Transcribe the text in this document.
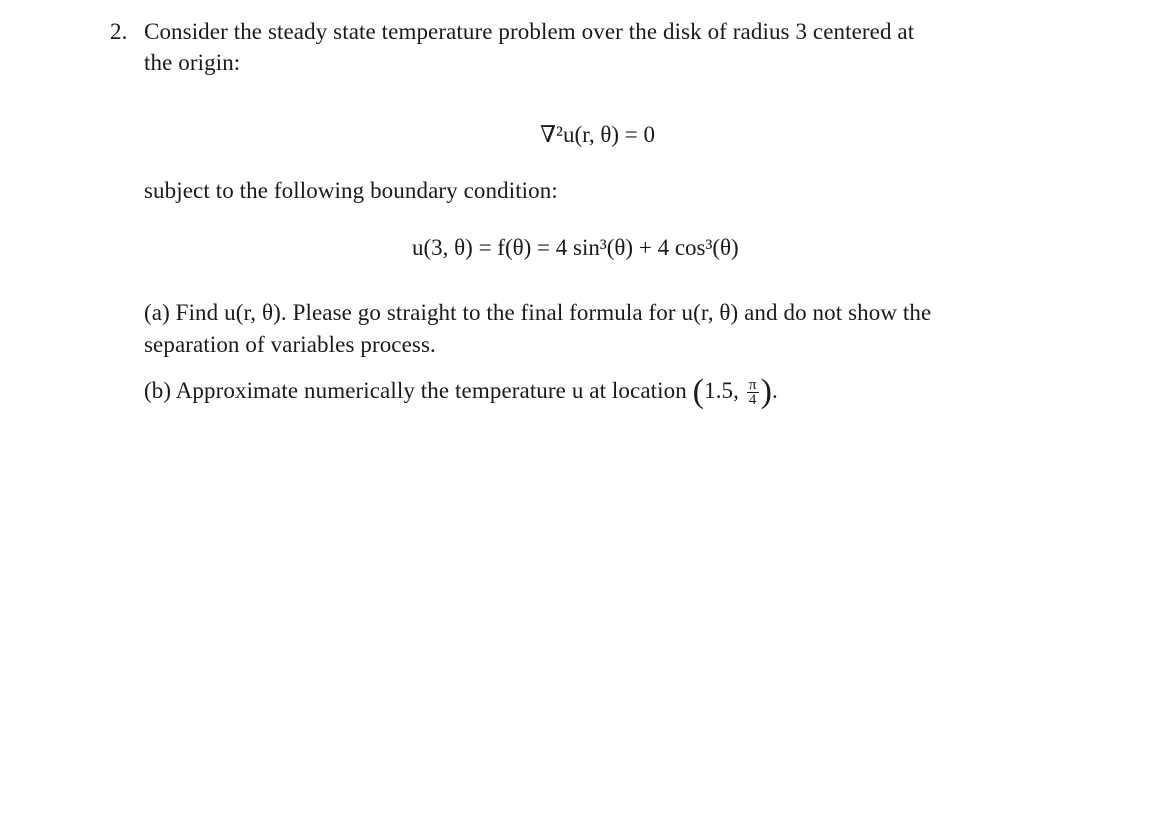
2. Consider the steady state temperature problem over the disk of radius 3 centered at
the origin:
∇²u(r, θ) = 0
subject to the following boundary condition:
u(3, θ) = f(θ) = 4 sin³(θ) + 4 cos³(θ)
(a) Find u(r, θ). Please go straight to the final formula for u(r, θ) and do not show the
separation of variables process.
(b) Approximate numerically the temperature u at location (1.5, $\frac{\pi}{4}$ ).
